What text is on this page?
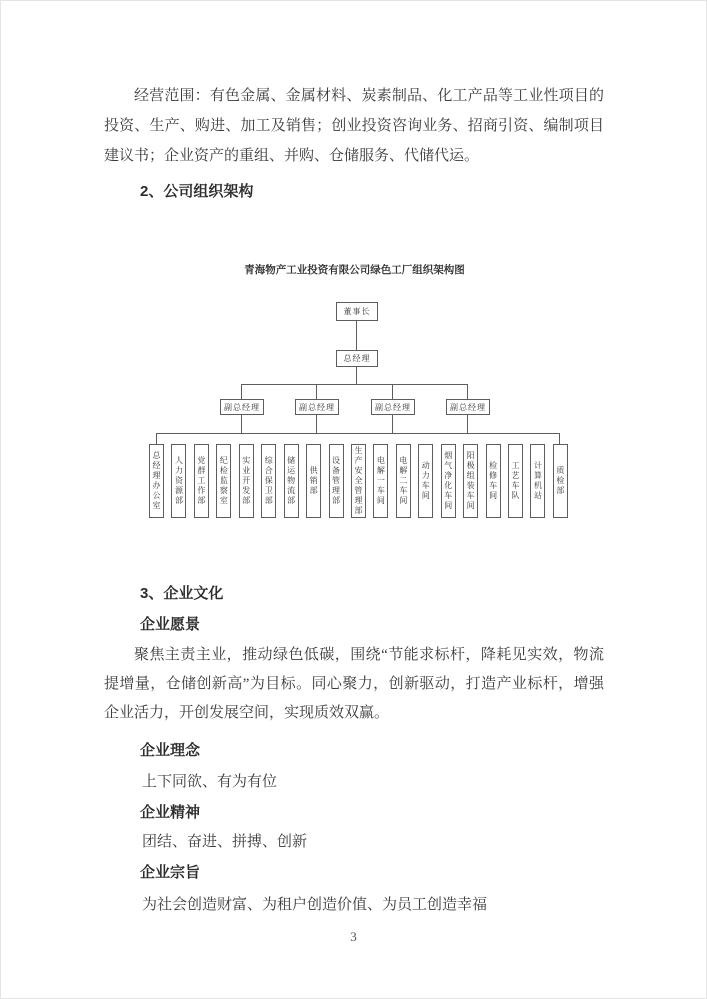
经营范围：有色金属、金属材料、炭素制品、化工产品等工业性项目的投资、生产、购进、加工及销售；创业投资咨询业务、招商引资、编制项目建议书；企业资产的重组、并购、仓储服务、代储代运。

2、公司组织架构

青海物产工业投资有限公司绿色工厂组织架构图

董事长
总经理
副总经理	副总经理	副总经理	副总经理
总经理办公室 人力资源部 党群工作部 纪检监察室 实业开发部 综合保卫部 储运物流部 供销部 设备管理部 生产安全管理部 电解一车间 电解二车间 动力车间 烟气净化车间 阳极组装车间 检修车间 工艺车队 计算机站 质检部
3、企业文化
企业愿景

聚焦主责主业，推动绿色低碳，围绕“节能求标杆，降耗见实效，物流提增量，仓储创新高”为目标。同心聚力，创新驱动，打造产业标杆，增强企业活力，开创发展空间，实现质效双赢。

企业理念

上下同欲、有为有位

企业精神

团结、奋进、拼搏、创新

企业宗旨

为社会创造财富、为租户创造价值、为员工创造幸福

3
